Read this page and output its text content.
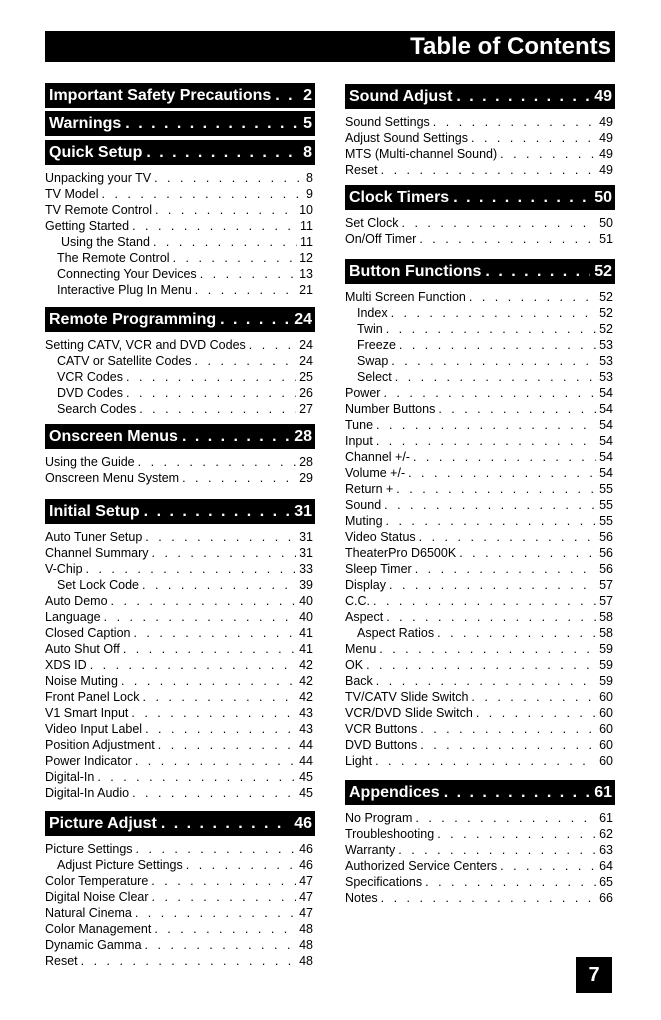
Table of Contents
Important Safety Precautions . . . 2
Warnings . . .	5
Quick Setup . . .	8
Unpacking your TV . . .	8
TV Model . . .	9
TV Remote Control . . .	10
Getting Started . . .	11
Using the Stand . . .	11
The Remote Control . . .	12
Connecting Your Devices . . .	13
Interactive Plug In Menu . . .	21
Remote Programming . . .	24
Setting CATV, VCR and DVD Codes . . .	24
CATV or Satellite Codes . . .	24
VCR Codes . . .	25
DVD Codes . . .	26
Search Codes . . .	27
Onscreen Menus . . .	28
Using the Guide . . .	28
Onscreen Menu System . . .	29
Initial Setup . . .	31
Auto Tuner Setup . . .	31
Channel Summary . . .	31
V-Chip . . .	33
Set Lock Code . . .	39
Auto Demo . . .	40
Language . . .	40
Closed Caption . . .	41
Auto Shut Off . . .	41
XDS ID . . .	42
Noise Muting . . .	42
Front Panel Lock . . .	42
V1 Smart Input . . .	43
Video Input Label . . .	43
Position Adjustment . . .	44
Power Indicator . . .	44
Digital-In . . .	45
Digital-In Audio . . .	45
Picture Adjust . . .	46
Picture Settings . . .	46
Adjust Picture Settings . . .	46
Color Temperature . . .	47
Digital Noise Clear . . .	47
Natural Cinema . . .	47
Color Management . . .	48
Dynamic Gamma . . .	48
Reset . . .	48
Sound Adjust . . .	49
Sound Settings . . .	49
Adjust Sound Settings . . .	49
MTS (Multi-channel Sound) . . .	49
Reset . . .	49
Clock Timers . . .	50
Set Clock . . .	50
On/Off Timer . . .	51
Button Functions . . .	52
Multi Screen Function . . .	52
Index . . .	52
Twin . . .	52
Freeze . . .	53
Swap . . .	53
Select . . .	53
Power . . .	54
Number Buttons . . .	54
Tune . . .	54
Input . . .	54
Channel +/- . . .	54
Volume +/- . . .	54
Return + . . .	55
Sound . . .	55
Muting . . .	55
Video Status . . .	56
TheaterPro D6500K . . .	56
Sleep Timer . . .	56
Display . . .	57
C.C. . . .	57
Aspect . . .	58
Aspect Ratios . . .	58
Menu . . .	59
OK . . .	59
Back . . .	59
TV/CATV Slide Switch . . .	60
VCR/DVD Slide Switch . . .	60
VCR Buttons . . .	60
DVD Buttons . . .	60
Light . . .	60
Appendices . . .	61
No Program . . .	61
Troubleshooting . . .	62
Warranty . . .	63
Authorized Service Centers . . .	64
Specifications . . .	65
Notes . . .	66
7
